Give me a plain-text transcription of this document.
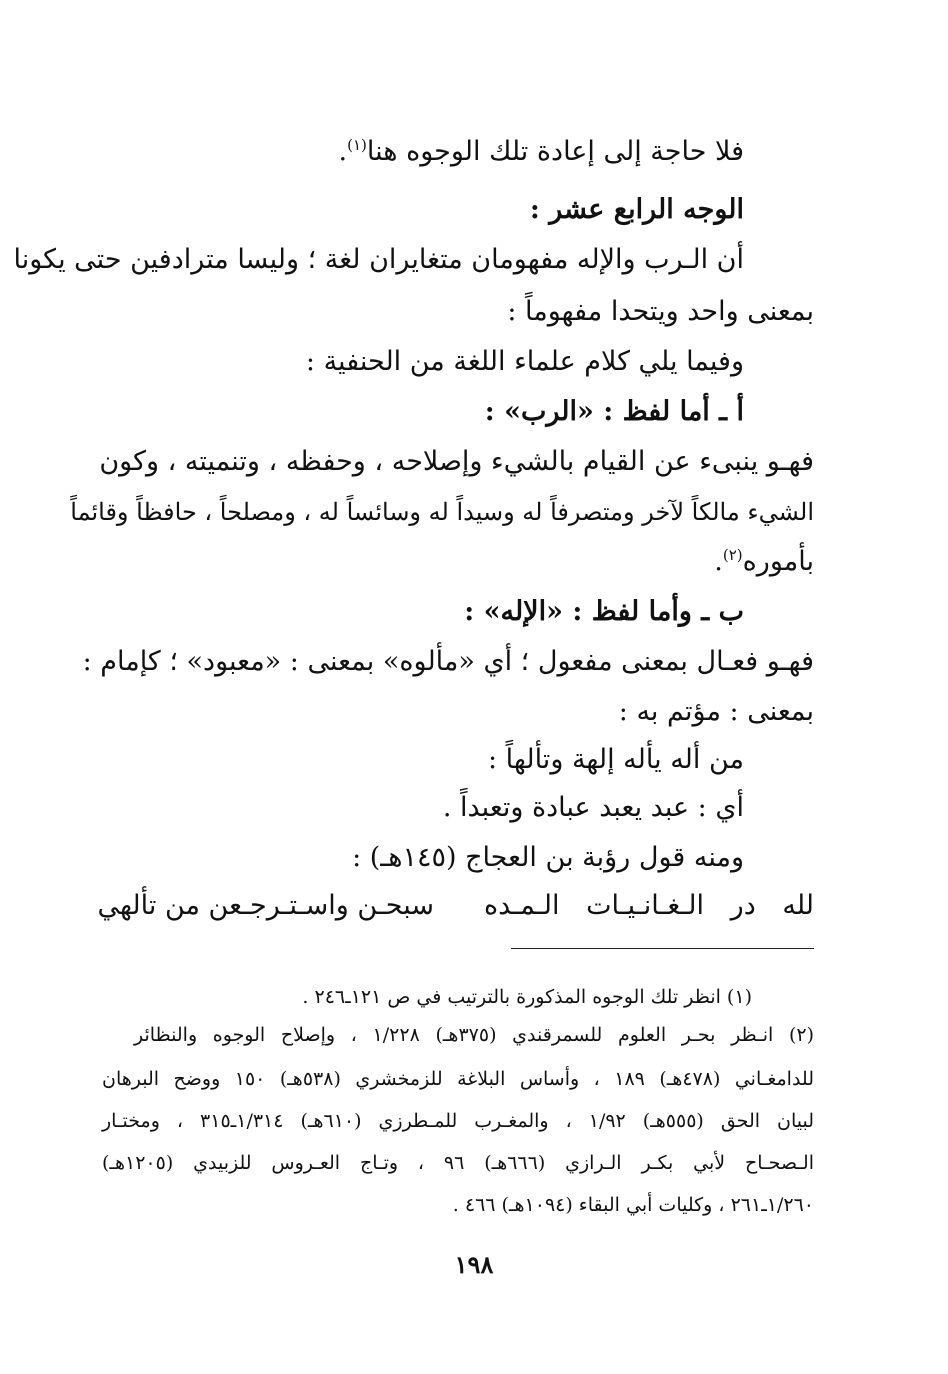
فلا حاجة إلى إعادة تلك الوجوه هنا$^{(١)}$.
الوجه الرابع عشر :
أن الـرب والإله مفهومان متغايران لغة ؛ وليسا مترادفين حتى يكونا
بمعنى واحد ويتحدا مفهوماً :
وفيما يلي كلام علماء اللغة من الحنفية :
أ ـ أما لفظ : «الرب» :
فهـو ينبىء عن القيام بالشيء وإصلاحه ، وحفظه ، وتنميته ، وكون
الشيء مالكاً لآخر ومتصرفاً له وسيداً له وسائساً له ، ومصلحاً ، حافظاً وقائماً
بأموره$^{(٢)}$.
ب ـ وأما لفظ : «الإله» :
فهـو فعـال بمعنى مفعول ؛ أي «مألوه» بمعنى : «معبود» ؛ كإمام :
بمعنى : مؤتم به :
من أله يأله إلهة وتألهاً :
أي : عبد يعبد عبادة وتعبداً .
ومنه قول رؤبة بن العجاج (١٤٥هـ) :
لله در الـغـانـيـات الـمـده
سبحـن واسـتـرجـعن من تألهي
(١) انظر تلك الوجوه المذكورة بالترتيب في ص ١٢١ـ٢٤٦ .
(٢) انـظر بحـر العلوم للسمرقندي (٣٧٥هـ) ١/٢٢٨ ، وإصلاح الوجوه والنظائر
للدامغـاني (٤٧٨هـ) ١٨٩ ، وأساس البلاغة للزمخشري (٥٣٨هـ) ١٥٠ ووضح البرهان
لبيان الحق (٥٥٥هـ) ١/٩٢ ، والمغـرب للمـطرزي (٦١٠هـ) ١/٣١٤ـ٣١٥ ، ومختـار
الـصحـاح لأبي بكـر الـرازي (٦٦٦هـ) ٩٦ ، وتـاج العـروس للزبيدي (١٢٠٥هـ)
١/٢٦٠ـ٢٦١ ، وكليات أبي البقاء (١٠٩٤هـ) ٤٦٦ .
١٩٨
